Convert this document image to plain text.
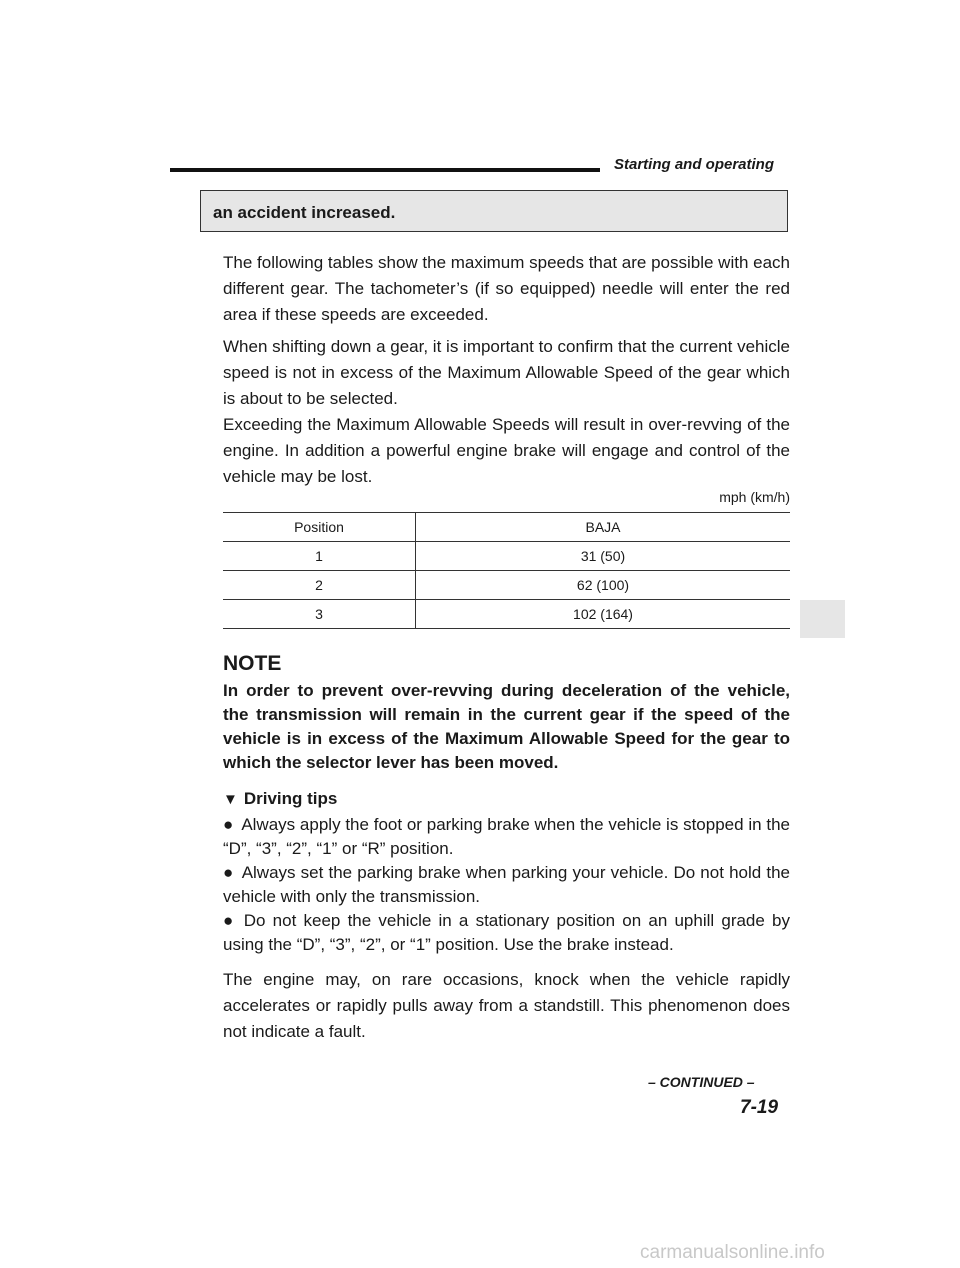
Starting and operating
an accident increased.
The following tables show the maximum speeds that are possible with each different gear. The tachometer’s (if so equipped) needle will enter the red area if these speeds are exceeded.
When shifting down a gear, it is important to confirm that the current vehicle speed is not in excess of the Maximum Allowable Speed of the gear which is about to be selected.
Exceeding the Maximum Allowable Speeds will result in over-revving of the engine. In addition a powerful engine brake will engage and control of the vehicle may be lost.
mph (km/h)
Position	BAJA
1	31 (50)
2	62 (100)
3	102 (164)
NOTE
In order to prevent over-revving during deceleration of the vehicle, the transmission will remain in the current gear if the speed of the vehicle is in excess of the Maximum Allowable Speed for the gear to which the selector lever has been moved.
▼ Driving tips
● Always apply the foot or parking brake when the vehicle is stopped in the “D”, “3”, “2”, “1” or “R” position.
● Always set the parking brake when parking your vehicle. Do not hold the vehicle with only the transmission.
● Do not keep the vehicle in a stationary position on an uphill grade by using the “D”, “3”, “2”, or “1” position. Use the brake instead.
The engine may, on rare occasions, knock when the vehicle rapidly accelerates or rapidly pulls away from a standstill. This phenomenon does not indicate a fault.
– CONTINUED –
7-19
carmanualsonline.info
